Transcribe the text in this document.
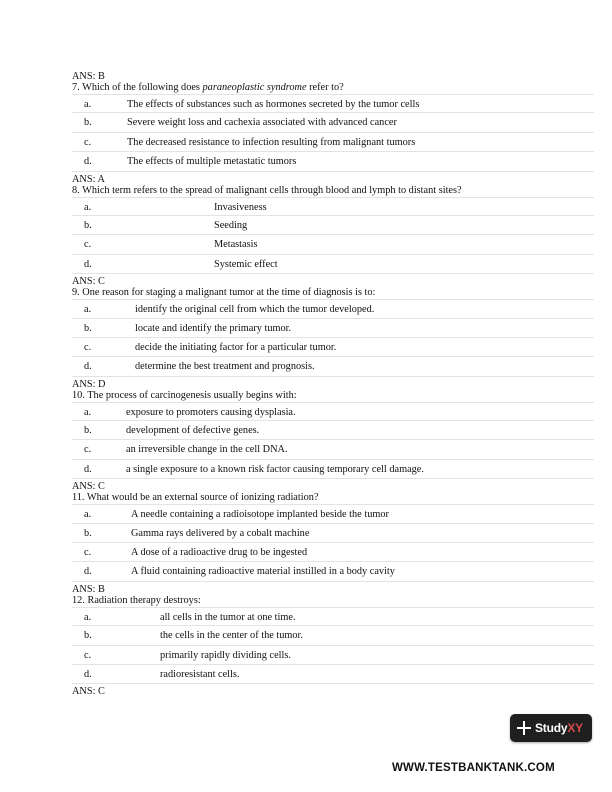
ANS: B
7. Which of the following does paraneoplastic syndrome refer to?
a.	The effects of substances such as hormones secreted by the tumor cells
b.	Severe weight loss and cachexia associated with advanced cancer
c.	The decreased resistance to infection resulting from malignant tumors
d.	The effects of multiple metastatic tumors
ANS: A
8. Which term refers to the spread of malignant cells through blood and lymph to distant sites?
a.	Invasiveness
b.	Seeding
c.	Metastasis
d.	Systemic effect
ANS: C
9. One reason for staging a malignant tumor at the time of diagnosis is to:
a.	identify the original cell from which the tumor developed.
b.	locate and identify the primary tumor.
c.	decide the initiating factor for a particular tumor.
d.	determine the best treatment and prognosis.
ANS: D
10. The process of carcinogenesis usually begins with:
a.	exposure to promoters causing dysplasia.
b.	development of defective genes.
c.	an irreversible change in the cell DNA.
d.	a single exposure to a known risk factor causing temporary cell damage.
ANS: C
11. What would be an external source of ionizing radiation?
a.	A needle containing a radioisotope implanted beside the tumor
b.	Gamma rays delivered by a cobalt machine
c.	A dose of a radioactive drug to be ingested
d.	A fluid containing radioactive material instilled in a body cavity
ANS: B
12. Radiation therapy destroys:
a.	all cells in the tumor at one time.
b.	the cells in the center of the tumor.
c.	primarily rapidly dividing cells.
d.	radioresistant cells.
ANS: C
StudyXY
WWW.TESTBANKTANK.COM
